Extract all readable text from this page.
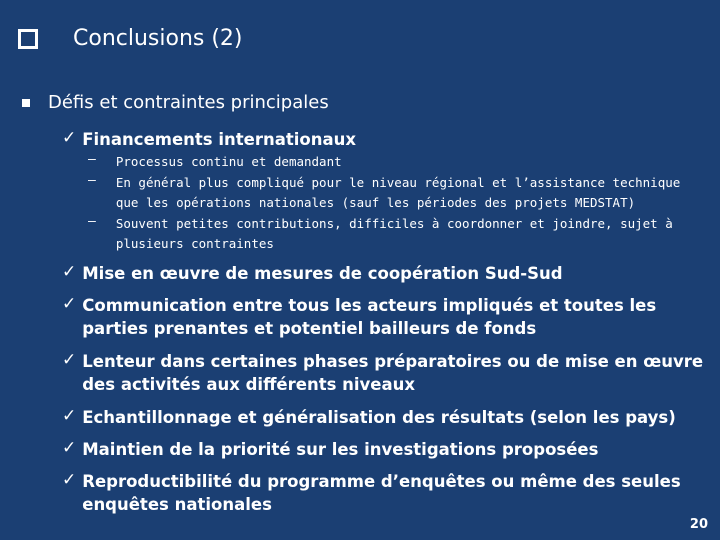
Conclusions (2)
Défis et contraintes principales
✓ Financements internationaux
–	Processus continu et demandant
–	En général plus compliqué pour le niveau régional et l’assistance technique que les opérations nationales (sauf les périodes des projets MEDSTAT)
–	Souvent petites contributions, difficiles à coordonner et joindre, sujet à plusieurs contraintes
✓ Mise en œuvre de mesures de coopération Sud-Sud
✓ Communication entre tous les acteurs impliqués et toutes les parties prenantes et potentiel bailleurs de fonds
✓ Lenteur dans certaines phases préparatoires ou de mise en œuvre des activités aux différents niveaux
✓ Echantillonnage et généralisation des résultats (selon les pays)
✓ Maintien de la priorité sur les investigations proposées
✓ Reproductibilité du programme d’enquêtes ou même des seules enquêtes nationales
20
